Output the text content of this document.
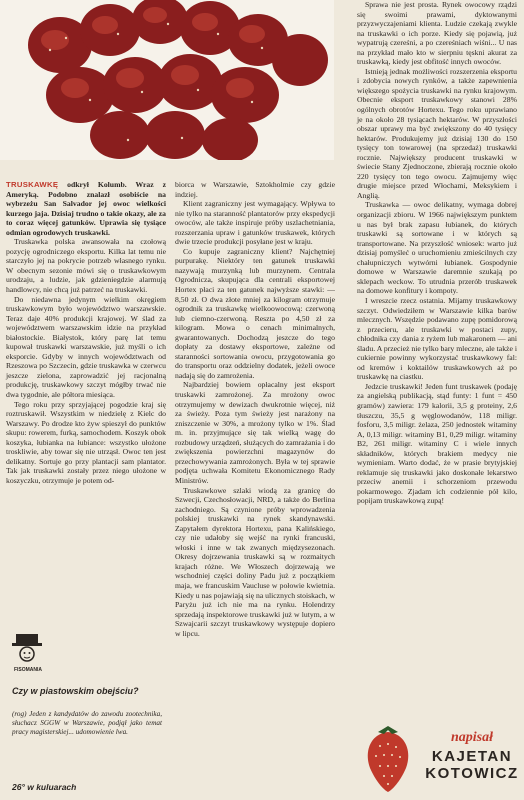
TRUSKAWKĘ odkrył Kolumb. Wraz z Ameryką. Podobno znalazł osobiście na wybrzeżu San Salvador jej owoc wielkości kurzego jaja. Dzisiaj trudno o takie okazy, ale za to coraz więcej gatunków. Uprawia się tysiące odmian ogrodowych truskawki.

Truskawka polska awansowała na czołową pozycję ogrodniczego eksportu. Kilka lat temu nie starczyło jej na pokrycie potrzeb własnego rynku. W obecnym sezonie mówi się o truskawkowym urodzaju, a ludzie, jak gdzieniegdzie alarmują handlowcy, nie chcą już patrzeć na truskawki.

Do niedawna jedynym wielkim okręgiem truskawkowym było województwo warszawskie. Teraz daje 40% produkcji krajowej. W ślad za województwem warszawskim idzie na przykład białostockie. Białystok, który parę lat temu kupował truskawki warszawskie, już myśli o ich eksporcie. Gdyby w innych województwach od Rzeszowa po Szczecin, gdzie truskawka w czerwcu jeszcze zielona, zaprowadzić jej racjonalną produkcję, truskawkowy szczyt mógłby trwać nie dwa tygodnie, ale półtora miesiąca.

Tego roku przy sprzyjającej pogodzie kraj się roztruskawił. Wszystkim w niedzielę z Kielc do Warszawy. Po drodze kto żyw spieszył do punktów skupu: rowerem, furką, samochodem. Koszyk obok koszyka, łubianka na łubiance: wszystko ułożone troskliwie, aby towar się nie utrząsł. Owoc ten jest delikatny. Sortuje go przy plantacji sam plantator. Tak jak truskawki zostały przez niego ułożone w koszyczku, otrzymuje je potem od-

biorca w Warszawie, Sztokholmie czy gdzie indziej.

Klient zagraniczny jest wymagający. Wpływa to nie tylko na staranność plantatorów przy ekspedycji owoców, ale także inspiruje próby uszlachetniania, rozszerzania upraw i gatunków truskawek, których dwie trzecie produkcji posyłane jest w kraju.

Co kupuje zagraniczny klient? Najchętniej purpurakę. Niektóry ten gatunek truskawki nazywają murzynką lub murzynem. Centrala Ogrodnicza, skupująca dla centrali eksportowej Hortex płaci za ten gatunek najwyższe stawki: — 8,50 zł. O dwa złote mniej za kilogram otrzymuje ogrodnik za truskawkę wielkoowocową: czerwoną lub ciemno-czerwoną. Reszta po 4,50 zł za kilogram. Mowa o cenach minimalnych, gwarantowanych. Dochodzą jeszcze do tego dopłaty za dostawy eksportowe, zależne od staranności sortowania owocu, przygotowania go do transportu oraz oddzielny dodatek, jeżeli owoce nadają się do zamrożenia.

Najbardziej bowiem opłacalny jest eksport truskawki zamrożonej. Za mrożony owoc otrzymujemy w dewizach dwukrotnie więcej, niż za świeży. Poza tym świeży jest narażony na zniszczenie w 30%, a mrożony tylko w 1%. Ślad m. in. przyjmujące się tak wielką wagę do rozbudowy urządzeń, służących do zamrażania i do zwiększenia powierzchni magazynów do przechowywania zamrożonych. Była w tej sprawie podjęta uchwała Komitetu Ekonomicznego Rady Ministrów.

Truskawkowe szlaki wiodą za granicę do Szwecji, Czechosłowacji, NRD, a także do Berlina zachodniego. Są czynione próby wprowadzenia polskiej truskawki na rynek skandynawski. Zapytałem dyrektora Hortexu, pana Kalińskiego, czy nie udałoby się wejść na rynki francuski, włoski i inne w tak zwanych międzysezonach. Okresy dojrzewania truskawki są w rozmaitych krajach różne. We Włoszech dojrzewają we wschodniej części doliny Padu już z początkiem maja, we francuskim Vaucluse w połowie kwietnia. Kiedy u nas pojawiają się na ulicznych stoiskach, w Paryżu już ich nie ma na rynku. Holendrzy sprzedają inspektorowe truskawki już w lutym, a w Szwajcarii szczyt truskawkowy występuje dopiero w lipcu.

Sprawa nie jest prosta. Rynek owocowy rządzi się swoimi prawami, dyktowanymi przyzwyczajeniami klienta. Ludzie czekają zwykle na truskawki o ich porze. Kiedy się pojawią, już wypatrują czereśni, a po czereśniach wiśni... U nas na przykład mało kto w sierpniu tęskni akurat za truskawką, kiedy jest obfitość innych owoców.

Istnieją jednak możliwości rozszerzenia eksportu i zdobycia nowych rynków, a także zapewnienia większego spożycia truskawki na rynku krajowym. Obecnie eksport truskawkowy stanowi 28% ogólnych obrotów Hortexu. Tego roku uprawiano je na około 28 tysiącach hektarów. W przyszłości obszar uprawy ma być zwiększony do 40 tysięcy hektarów. Produkujemy już dzisiaj 130 do 150 tysięcy ton towarowej (na sprzedaż) truskawki rocznie. Największy producent truskawki w świecie Stany Zjednoczone, zbierają rocznie około 220 tysięcy ton tego owocu. Zajmujemy więc drugie miejsce przed Włochami, Meksykiem i Anglią.

Truskawka — owoc delikatny, wymaga dobrej organizacji zbioru. W 1966 największym punktem u nas był brak zapasu łubianek, do których truskawki są sortowane i w których są transportowane. Na przyszłość wniosek: warto już dzisiaj pomyśleć o uruchomieniu zmieścilnych czy chałupniczych wytwórni łubianek. Gospodynie domowe w Warszawie daremnie szukają po sklepach weckow. To utrudnia przerób truskawek na domowe konfitury i kompoty.

I wreszcie rzecz ostatnia. Mijamy truskawkowy szczyt. Odwiedziłem w Warszawie kilka barów mlecznych. Wszędzie podawano zupę pomidorową z przecieru, ale truskawki w postaci zupy, chłodnika czy dania z ryżem lub makaronem — ani śladu. A przecież nie tylko bary mleczne, ale także i cukiernie powinny wykorzystać truskawkowy fal: od kremów i koktailów truskawkowych aż po truskawkę na ciastku.

Jedzcie truskawki! Jeden funt truskawek (podaję za angielską publikacją, stąd funty: 1 funt = 450 gramów) zawiera: 179 kalorii, 3,5 g proteiny, 2,6 tłuszczu, 35,5 g węglowodanów, 118 miligr. fosforu, 3,5 miligr. żelaza, 250 jednostek witaminy A, 0,13 miligr. witaminy B1, 0,29 miligr. witaminy B2, 261 miligr. witaminy C i wiele innych składników, których brakiem medycy nie wymieniam. Warto dodać, że w prasie brytyjskiej reklamuje się truskawki jako doskonałe lekarstwo przeciw anemii i schorzeniom przewodu pokarmowego. Zjadam ich codziennie pół kilo, popijam truskawkową zupą!

FISOMANIA
Czy w piastowskim obejściu?
(rog) Jeden z kandydatów do zawodu zootechnika, słuchacz SGGW w Warszawie, podjął jako temat pracy magisterskiej... udomowienie lwa.
26° w kuluarach
napisał
KAJETAN KOTOWICZ
